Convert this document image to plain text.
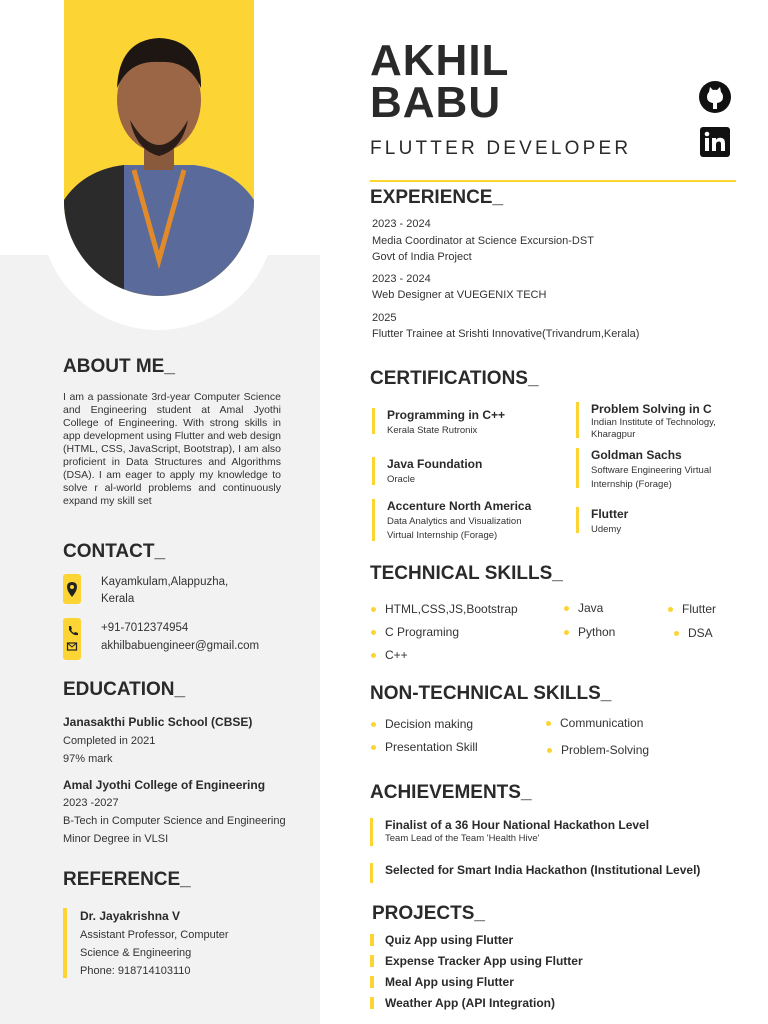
AKHIL
BABU
FLUTTER DEVELOPER
ABOUT ME_
I am a passionate 3rd-year Computer Science and Engineering student at Amal Jyothi College of Engineering. With strong skills in app development using Flutter and web design (HTML, CSS, JavaScript, Bootstrap), I am also proficient in Data Structures and Algorithms (DSA). I am eager to apply my knowledge to solve r al-world problems and continuously expand my skill set
CONTACT_
Kayamkulam,Alappuzha,
Kerala
+91-7012374954
akhilbabuengineer@gmail.com
EDUCATION_
Janasakthi Public School (CBSE)
Completed in 2021
97% mark
Amal Jyothi College of Engineering
2023 -2027
B-Tech in Computer Science and Engineering
Minor Degree in VLSI
REFERENCE_
Dr. Jayakrishna V
Assistant Professor, Computer
Science & Engineering
Phone: 918714103110
EXPERIENCE_
2023 - 2024
Media Coordinator at Science Excursion-DST
Govt of India Project
2023 - 2024
Web Designer at VUEGENIX TECH
2025
Flutter Trainee at Srishti Innovative(Trivandrum,Kerala)
CERTIFICATIONS_
Programming in C++
Kerala State Rutronix
Java Foundation
Oracle
Accenture North America
Data Analytics and Visualization
Virtual Internship (Forage)
Problem Solving in C
Indian Institute of Technology,
Kharagpur
Goldman Sachs
Software Engineering Virtual
Internship (Forage)
Flutter
Udemy
TECHNICAL SKILLS_
HTML,CSS,JS,Bootstrap
C Programing
C++
Java
Python
Flutter
DSA
NON-TECHNICAL SKILLS_
Decision making
Presentation Skill
Communication
Problem-Solving
ACHIEVEMENTS_
Finalist of a 36 Hour National Hackathon Level
Team Lead of the Team 'Health Hive'
Selected for Smart India Hackathon (Institutional Level)
PROJECTS_
Quiz App using Flutter
Expense Tracker App using Flutter
Meal App using Flutter
Weather App (API Integration)
